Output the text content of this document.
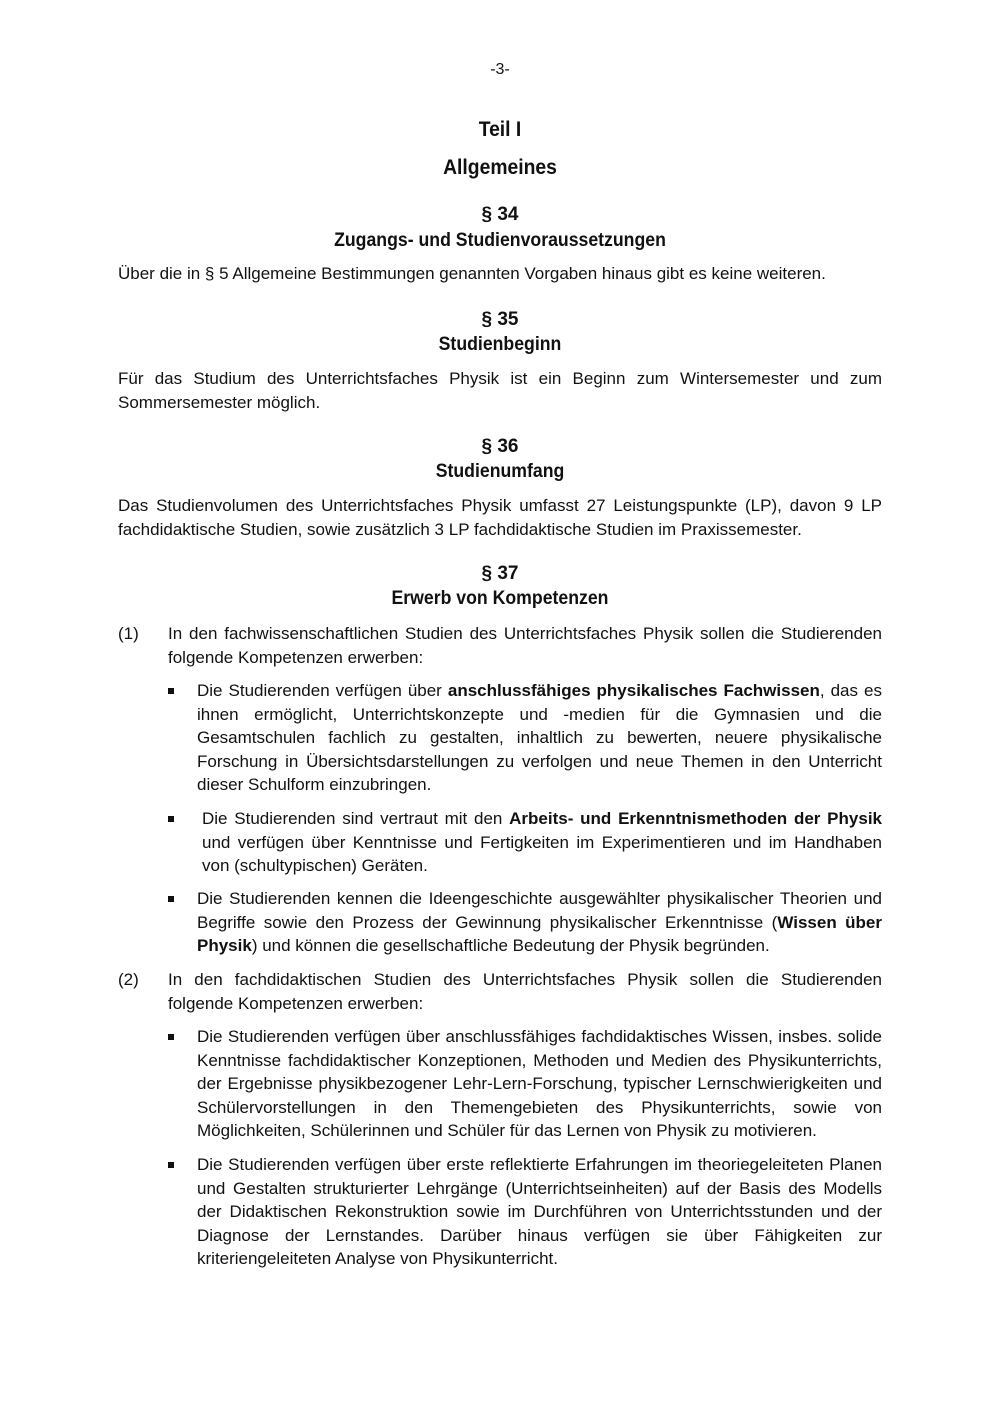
-3-
Teil I
Allgemeines
§ 34
Zugangs- und Studienvoraussetzungen
Über die in § 5 Allgemeine Bestimmungen genannten Vorgaben hinaus gibt es keine weiteren.
§ 35
Studienbeginn
Für das Studium des Unterrichtsfaches Physik ist ein Beginn zum Wintersemester und zum Sommersemester möglich.
§ 36
Studienumfang
Das Studienvolumen des Unterrichtsfaches Physik umfasst 27 Leistungspunkte (LP), davon 9 LP fachdidaktische Studien, sowie zusätzlich 3 LP fachdidaktische Studien im Praxissemester.
§ 37
Erwerb von Kompetenzen
(1) In den fachwissenschaftlichen Studien des Unterrichtsfaches Physik sollen die Studierenden folgende Kompetenzen erwerben:
Die Studierenden verfügen über anschlussfähiges physikalisches Fachwissen, das es ihnen ermöglicht, Unterrichtskonzepte und -medien für die Gymnasien und die Gesamtschulen fachlich zu gestalten, inhaltlich zu bewerten, neuere physikalische Forschung in Übersichtsdarstellungen zu verfolgen und neue Themen in den Unterricht dieser Schulform einzubringen.
Die Studierenden sind vertraut mit den Arbeits- und Erkenntnismethoden der Physik und verfügen über Kenntnisse und Fertigkeiten im Experimentieren und im Handhaben von (schultypischen) Geräten.
Die Studierenden kennen die Ideengeschichte ausgewählter physikalischer Theorien und Begriffe sowie den Prozess der Gewinnung physikalischer Erkenntnisse (Wissen über Physik) und können die gesellschaftliche Bedeutung der Physik begründen.
(2) In den fachdidaktischen Studien des Unterrichtsfaches Physik sollen die Studierenden folgende Kompetenzen erwerben:
Die Studierenden verfügen über anschlussfähiges fachdidaktisches Wissen, insbes. solide Kenntnisse fachdidaktischer Konzeptionen, Methoden und Medien des Physikunterrichts, der Ergebnisse physikbezogener Lehr-Lern-Forschung, typischer Lernschwierigkeiten und Schülervorstellungen in den Themengebieten des Physikunterrichts, sowie von Möglichkeiten, Schülerinnen und Schüler für das Lernen von Physik zu motivieren.
Die Studierenden verfügen über erste reflektierte Erfahrungen im theoriegeleiteten Planen und Gestalten strukturierter Lehrgänge (Unterrichtseinheiten) auf der Basis des Modells der Didaktischen Rekonstruktion sowie im Durchführen von Unterrichtsstunden und der Diagnose der Lernstandes. Darüber hinaus verfügen sie über Fähigkeiten zur kriteriengeleiteten Analyse von Physikunterricht.
